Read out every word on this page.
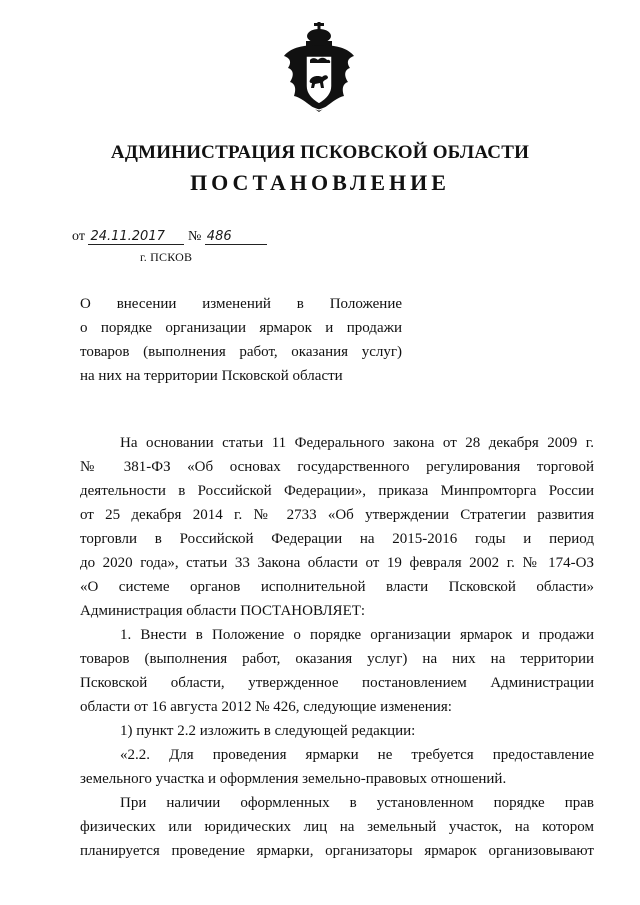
АДМИНИСТРАЦИЯ ПСКОВСКОЙ ОБЛАСТИ
ПОСТАНОВЛЕНИЕ
от 24.11.2017 № 486
г. ПСКОВ
О внесении изменений в Положение
о порядке организации ярмарок и продажи
товаров (выполнения работ, оказания услуг)
на них на территории Псковской области
На основании статьи 11 Федерального закона от 28 декабря 2009 г.
№ 381-ФЗ «Об основах государственного регулирования торговой
деятельности в Российской Федерации», приказа Минпромторга России
от 25 декабря 2014 г. № 2733 «Об утверждении Стратегии развития
торговли в Российской Федерации на 2015-2016 годы и период
до 2020 года», статьи 33 Закона области от 19 февраля 2002 г. № 174-ОЗ
«О системе органов исполнительной власти Псковской области»
Администрация области ПОСТАНОВЛЯЕТ:
1. Внести в Положение о порядке организации ярмарок и продажи
товаров (выполнения работ, оказания услуг) на них на территории
Псковской области, утвержденное постановлением Администрации
области от 16 августа 2012 № 426, следующие изменения:
1) пункт 2.2 изложить в следующей редакции:
«2.2. Для проведения ярмарки не требуется предоставление
земельного участка и оформления земельно-правовых отношений.
При наличии оформленных в установленном порядке прав
физических или юридических лиц на земельный участок, на котором
планируется проведение ярмарки, организаторы ярмарок организовывают
